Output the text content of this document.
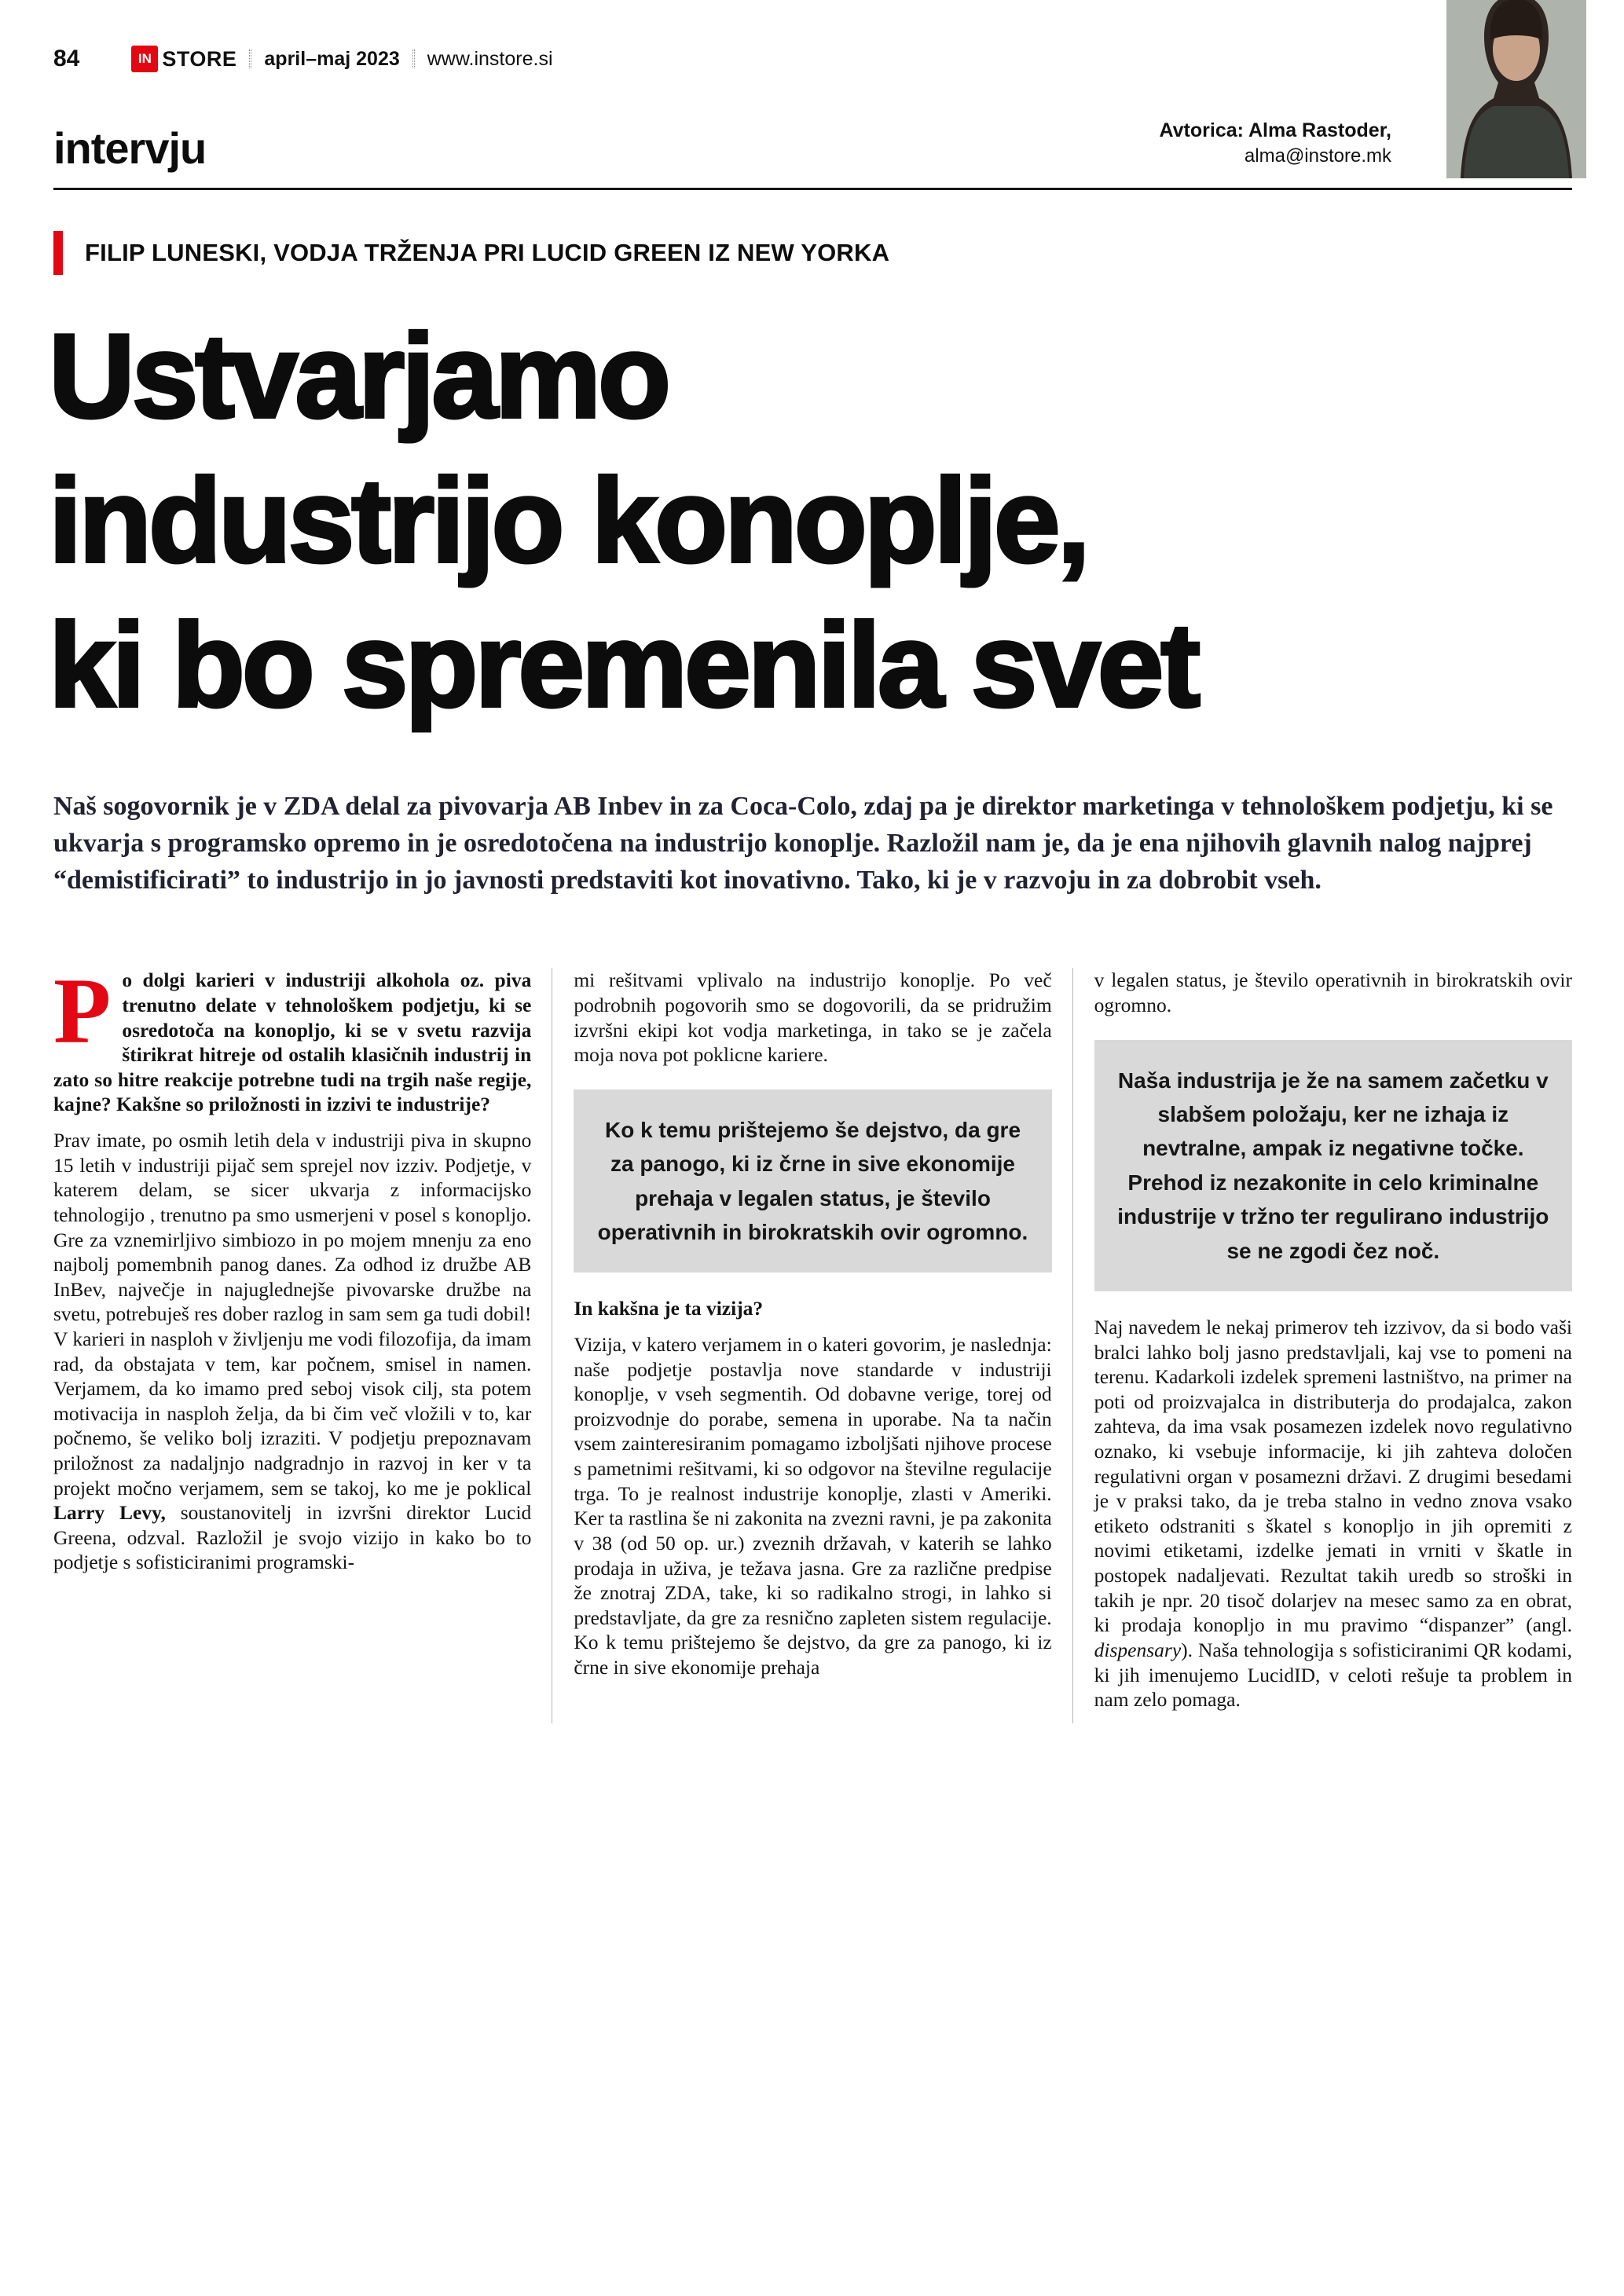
84	IN STORE april–maj 2023 www.instore.si
intervju	Avtorica: Alma Rastoder,
alma@instore.mk
FILIP LUNESKI, VODJA TRŽENJA PRI LUCID GREEN IZ NEW YORKA
Ustvarjamo
industrijo konoplje,
ki bo spremenila svet

Naš sogovornik je v ZDA delal za pivovarja AB Inbev in za Coca-Colo, zdaj pa je direktor marketinga v tehnološkem podjetju, ki se ukvarja s programsko opremo in je osredotočena na industrijo konoplje. Razložil nam je, da je ena njihovih glavnih nalog najprej “demistificirati” to industrijo in jo javnosti predstaviti kot inovativno. Tako, ki je v razvoju in za dobrobit vseh.

Po dolgi karieri v industriji alkohola oz. piva trenutno delate v tehnološkem podjetju, ki se osredotoča na konopljo, ki se v svetu razvija štirikrat hitreje od ostalih klasičnih industrij in zato so hitre reakcije potrebne tudi na trgih naše regije, kajne? Kakšne so priložnosti in izzivi te industrije?

Prav imate, po osmih letih dela v industriji piva in skupno 15 letih v industriji pijač sem sprejel nov izziv. Podjetje, v katerem delam, se sicer ukvarja z informacijsko tehnologijo , trenutno pa smo usmerjeni v posel s konopljo. Gre za vznemirljivo simbiozo in po mojem mnenju za eno najbolj pomembnih panog danes. Za odhod iz družbe AB InBev, največje in najuglednejše pivovarske družbe na svetu, potrebuješ res dober razlog in sam sem ga tudi dobil! V karieri in nasploh v življenju me vodi filozofija, da imam rad, da obstajata v tem, kar počnem, smisel in namen. Verjamem, da ko imamo pred seboj visok cilj, sta potem motivacija in nasploh želja, da bi čim več vložili v to, kar počnemo, še veliko bolj izraziti. V podjetju prepoznavam priložnost za nadaljnjo nadgradnjo in razvoj in ker v ta projekt močno verjamem, sem se takoj, ko me je poklical Larry Levy, soustanovitelj in izvršni direktor Lucid Greena, odzval. Razložil je svojo vizijo in kako bo to podjetje s sofisticiranimi programski-

mi rešitvami vplivalo na industrijo konoplje. Po več podrobnih pogovorih smo se dogovorili, da se pridružim izvršni ekipi kot vodja marketinga, in tako se je začela moja nova pot poklicne kariere.

Ko k temu prištejemo še dejstvo, da gre za panogo, ki iz črne in sive ekonomije prehaja v legalen status, je število operativnih in birokratskih ovir ogromno.

In kakšna je ta vizija?

Vizija, v katero verjamem in o kateri govorim, je naslednja: naše podjetje postavlja nove standarde v industriji konoplje, v vseh segmentih. Od dobavne verige, torej od proizvodnje do porabe, semena in uporabe. Na ta način vsem zainteresiranim pomagamo izboljšati njihove procese s pametnimi rešitvami, ki so odgovor na številne regulacije trga. To je realnost industrije konoplje, zlasti v Ameriki. Ker ta rastlina še ni zakonita na zvezni ravni, je pa zakonita v 38 (od 50 op. ur.) zveznih državah, v katerih se lahko prodaja in uživa, je težava jasna. Gre za različne predpise že znotraj ZDA, take, ki so radikalno strogi, in lahko si predstavljate, da gre za resnično zapleten sistem regulacije. Ko k temu prištejemo še dejstvo, da gre za panogo, ki iz črne in sive ekonomije prehaja

v legalen status, je število operativnih in birokratskih ovir ogromno.

Naša industrija je že na samem začetku v slabšem položaju, ker ne izhaja iz nevtralne, ampak iz negativne točke. Prehod iz nezakonite in celo kriminalne industrije v tržno ter regulirano industrijo se ne zgodi čez noč.

Naj navedem le nekaj primerov teh izzivov, da si bodo vaši bralci lahko bolj jasno predstavljali, kaj vse to pomeni na terenu. Kadarkoli izdelek spremeni lastništvo, na primer na poti od proizvajalca in distributerja do prodajalca, zakon zahteva, da ima vsak posamezen izdelek novo regulativno oznako, ki vsebuje informacije, ki jih zahteva določen regulativni organ v posamezni državi. Z drugimi besedami je v praksi tako, da je treba stalno in vedno znova vsako etiketo odstraniti s škatel s konopljo in jih opremiti z novimi etiketami, izdelke jemati in vrniti v škatle in postopek nadaljevati. Rezultat takih uredb so stroški in takih je npr. 20 tisoč dolarjev na mesec samo za en obrat, ki prodaja konopljo in mu pravimo “dispanzer” (angl. dispensary). Naša tehnologija s sofisticiranimi QR kodami, ki jih imenujemo LucidID, v celoti rešuje ta problem in nam zelo pomaga.
